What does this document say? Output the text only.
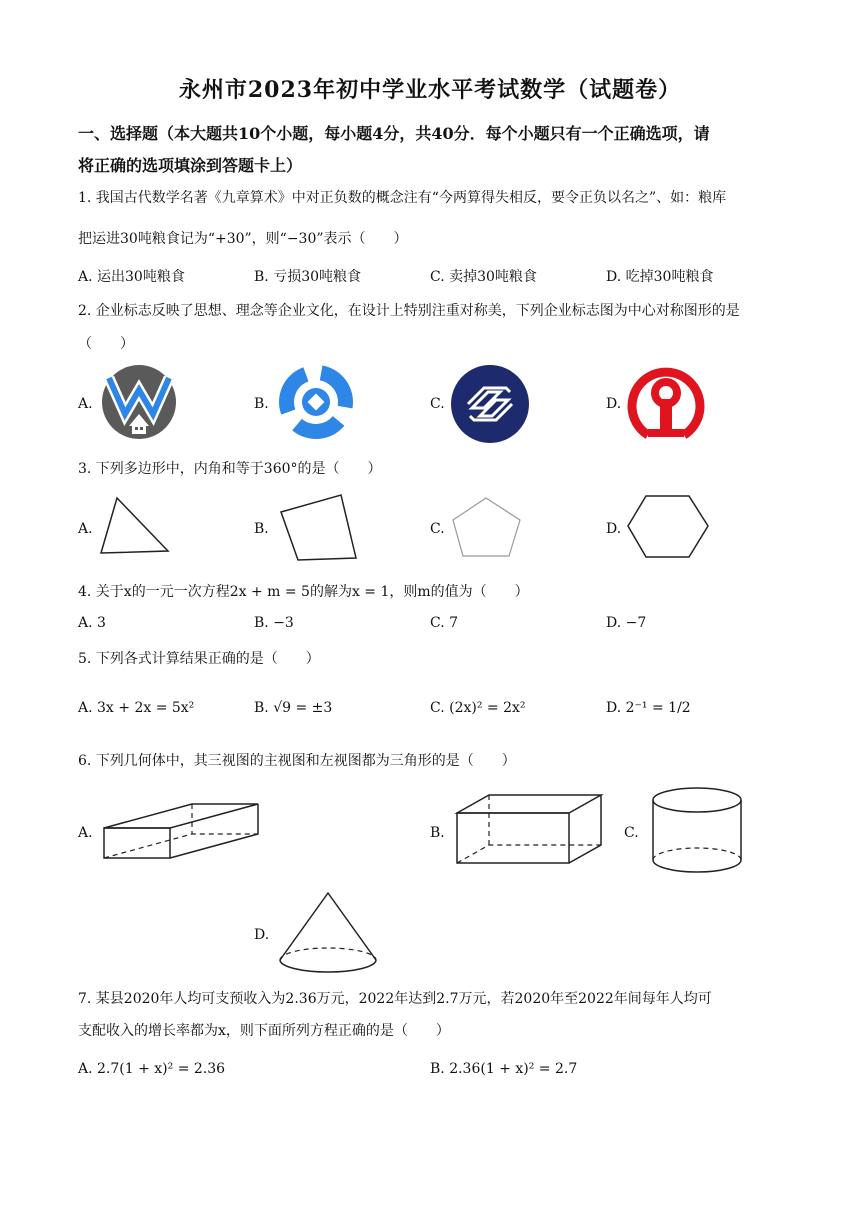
永州市2023年初中学业水平考试数学（试题卷）
一、选择题（本大题共10个小题，每小题4分，共40分．每个小题只有一个正确选项，请
将正确的选项填涂到答题卡上）
1. 我国古代数学名著《九章算术》中对正负数的概念注有“今两算得失相反，要令正负以名之”、如：粮库
把运进30吨粮食记为“+30”，则“−30”表示（　　）
A. 运出30吨粮食	B. 亏损30吨粮食	C. 卖掉30吨粮食	D. 吃掉30吨粮食
2. 企业标志反映了思想、理念等企业文化，在设计上特别注重对称美，下列企业标志图为中心对称图形的是
（　　）
A.	B.	C.	D.
3. 下列多边形中，内角和等于360°的是（　　）
A.	B.	C.	D.
4. 关于x的一元一次方程2x + m = 5的解为x = 1，则m的值为（　　）
A. 3	B. −3	C. 7	D. −7
5. 下列各式计算结果正确的是（　　）
A. 3x + 2x = 5x²	B. √9 = ±3	C. (2x)² = 2x²	D. 2⁻¹ = 1/2
6. 下列几何体中，其三视图的主视图和左视图都为三角形的是（　　）
A.	B.	C.
D.
7. 某县2020年人均可支预收入为2.36万元，2022年达到2.7万元，若2020年至2022年间每年人均可
支配收入的增长率都为x，则下面所列方程正确的是（　　）
A. 2.7(1 + x)² = 2.36	B. 2.36(1 + x)² = 2.7
